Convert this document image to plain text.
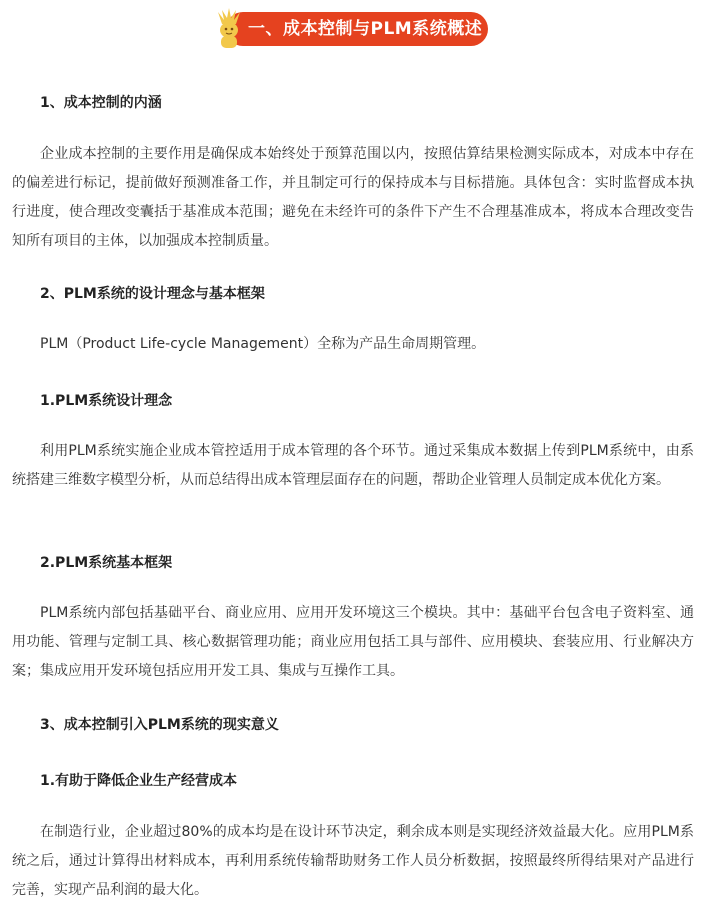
一、成本控制与PLM系统概述
1、成本控制的内涵

企业成本控制的主要作用是确保成本始终处于预算范围以内，按照估算结果检测实际成本，对成本中存在的偏差进行标记，提前做好预测准备工作，并且制定可行的保持成本与目标措施。具体包含：实时监督成本执行进度，使合理改变囊括于基准成本范围；避免在未经许可的条件下产生不合理基准成本，将成本合理改变告知所有项目的主体，以加强成本控制质量。

2、PLM系统的设计理念与基本框架

PLM（Product Life-cycle Management）全称为产品生命周期管理。

1.PLM系统设计理念

利用PLM系统实施企业成本管控适用于成本管理的各个环节。通过采集成本数据上传到PLM系统中，由系统搭建三维数字模型分析，从而总结得出成本管理层面存在的问题，帮助企业管理人员制定成本优化方案。

2.PLM系统基本框架

PLM系统内部包括基础平台、商业应用、应用开发环境这三个模块。其中：基础平台包含电子资料室、通用功能、管理与定制工具、核心数据管理功能；商业应用包括工具与部件、应用模块、套装应用、行业解决方案；集成应用开发环境包括应用开发工具、集成与互操作工具。

3、成本控制引入PLM系统的现实意义
1.有助于降低企业生产经营成本

在制造行业，企业超过80%的成本均是在设计环节决定，剩余成本则是实现经济效益最大化。应用PLM系统之后，通过计算得出材料成本，再利用系统传输帮助财务工作人员分析数据，按照最终所得结果对产品进行完善，实现产品利润的最大化。
